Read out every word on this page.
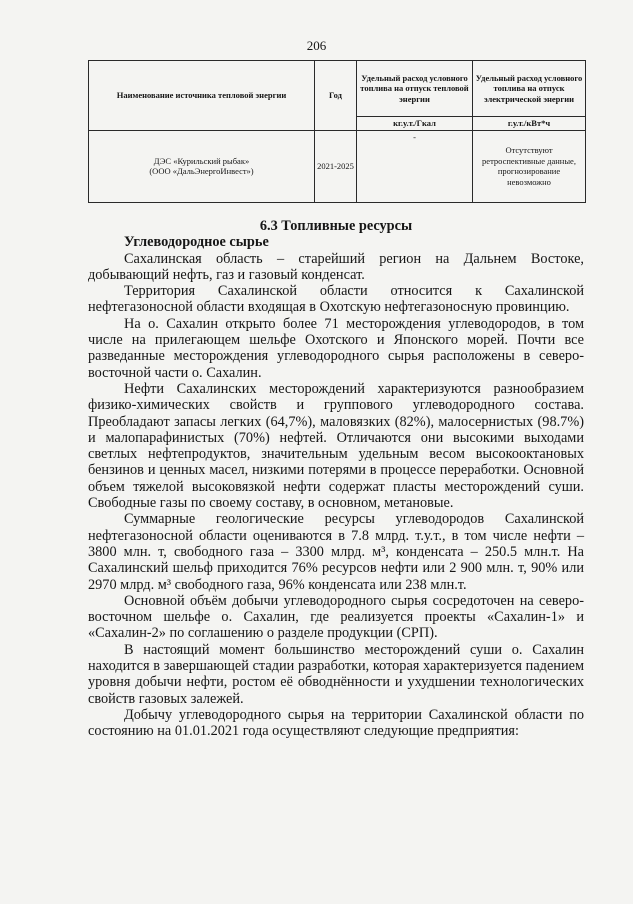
206
Наименование источника тепловой энергии	Год	Удельный расход условного топлива на отпуск тепловой энергии	Удельный расход условного топлива на отпуск электрической энергии
		кг.у.т./Гкал	г.у.т./кВт*ч
ДЭС «Курильский рыбак»
(ООО «ДальЭнергоИнвест»)	2021-2025	-	Отсутствуют ретроспективные данные, прогнозирование невозможно

6.3 Топливные ресурсы

Углеводородное сырье

Сахалинская область – старейший регион на Дальнем Востоке, добывающий нефть, газ и газовый конденсат.

Территория Сахалинской области относится к Сахалинской нефтегазоносной области входящая в Охотскую нефтегазоносную провинцию.

На о. Сахалин открыто более 71 месторождения углеводородов, в том числе на прилегающем шельфе Охотского и Японского морей. Почти все разведанные месторождения углеводородного сырья расположены в северо-восточной части о. Сахалин.

Нефти Сахалинских месторождений характеризуются разнообразием физико-химических свойств и группового углеводородного состава. Преобладают запасы легких (64,7%), маловязких (82%), малосернистых (98.7%) и малопарафинистых (70%) нефтей. Отличаются они высокими выходами светлых нефтепродуктов, значительным удельным весом высокооктановых бензинов и ценных масел, низкими потерями в процессе переработки. Основной объем тяжелой высоковязкой нефти содержат пласты месторождений суши. Свободные газы по своему составу, в основном, метановые.

Суммарные геологические ресурсы углеводородов Сахалинской нефтегазоносной области оцениваются в 7.8 млрд. т.у.т., в том числе нефти – 3800 млн. т, свободного газа – 3300 млрд. м³, конденсата – 250.5 млн.т. На Сахалинский шельф приходится 76% ресурсов нефти или 2 900 млн. т, 90% или 2970 млрд. м³ свободного газа, 96% конденсата или 238 млн.т.

Основной объём добычи углеводородного сырья сосредоточен на северо-восточном шельфе о. Сахалин, где реализуется проекты «Сахалин-1» и «Сахалин-2» по соглашению о разделе продукции (СРП).

В настоящий момент большинство месторождений суши о. Сахалин находится в завершающей стадии разработки, которая характеризуется падением уровня добычи нефти, ростом её обводнённости и ухудшении технологических свойств газовых залежей.

Добычу углеводородного сырья на территории Сахалинской области по состоянию на 01.01.2021 года осуществляют следующие предприятия:
